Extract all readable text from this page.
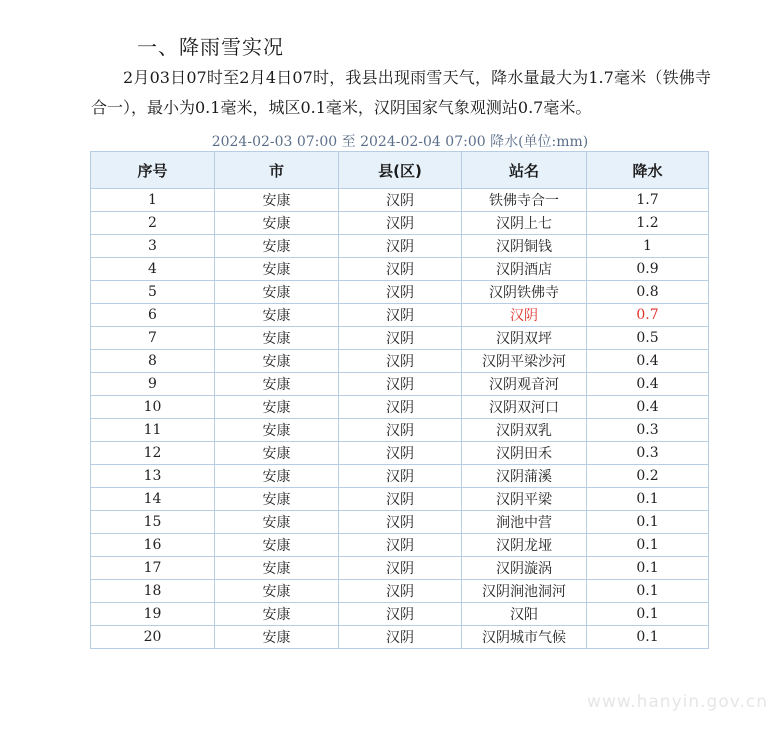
一、降雨雪实况

2月03日07时至2月4日07时，我县出现雨雪天气，降水量最大为1.7毫米（铁佛寺合一），最小为0.1毫米，城区0.1毫米，汉阴国家气象观测站0.7毫米。

2024-02-03 07:00 至 2024-02-04 07:00 降水(单位:mm)
序号	市	县(区)	站名	降水
1	安康	汉阴	铁佛寺合一	1.7
2	安康	汉阴	汉阴上七	1.2
3	安康	汉阴	汉阴铜钱	1
4	安康	汉阴	汉阴酒店	0.9
5	安康	汉阴	汉阴铁佛寺	0.8
6	安康	汉阴	汉阴	0.7
7	安康	汉阴	汉阴双坪	0.5
8	安康	汉阴	汉阴平梁沙河	0.4
9	安康	汉阴	汉阴观音河	0.4
10	安康	汉阴	汉阴双河口	0.4
11	安康	汉阴	汉阴双乳	0.3
12	安康	汉阴	汉阴田禾	0.3
13	安康	汉阴	汉阴蒲溪	0.2
14	安康	汉阴	汉阴平梁	0.1
15	安康	汉阴	涧池中营	0.1
16	安康	汉阴	汉阴龙垭	0.1
17	安康	汉阴	汉阴漩涡	0.1
18	安康	汉阴	汉阴涧池洞河	0.1
19	安康	汉阴	汉阳	0.1
20	安康	汉阴	汉阴城市气候	0.1
www.hanyin.gov.cn
